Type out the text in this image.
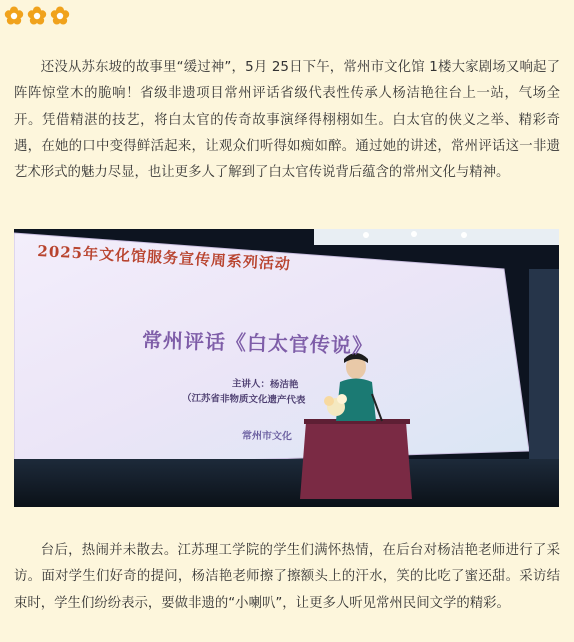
还没从苏东坡的故事里“缓过神”，5月 25日下午，常州市文化馆 1楼大家剧场又响起了阵阵惊堂木的脆响！省级非遗项目常州评话省级代表性传承人杨洁艳往台上一站，气场全开。凭借精湛的技艺，将白太官的传奇故事演绎得栩栩如生。白太官的侠义之举、精彩奇遇，在她的口中变得鲜活起来，让观众们听得如痴如醉。通过她的讲述，常州评话这一非遗艺术形式的魅力尽显，也让更多人了解到了白太官传说背后蕴含的常州文化与精神。

2025年文化馆服务宣传周系列活动
常州评话《白太官传说》
主讲人：杨洁艳
（江苏省非物质文化遗产代表
常州市文化

台后，热闹并未散去。江苏理工学院的学生们满怀热情，在后台对杨洁艳老师进行了采访。面对学生们好奇的提问，杨洁艳老师擦了擦额头上的汗水，笑的比吃了蜜还甜。采访结束时，学生们纷纷表示，要做非遗的“小喇叭”，让更多人听见常州民间文学的精彩。
